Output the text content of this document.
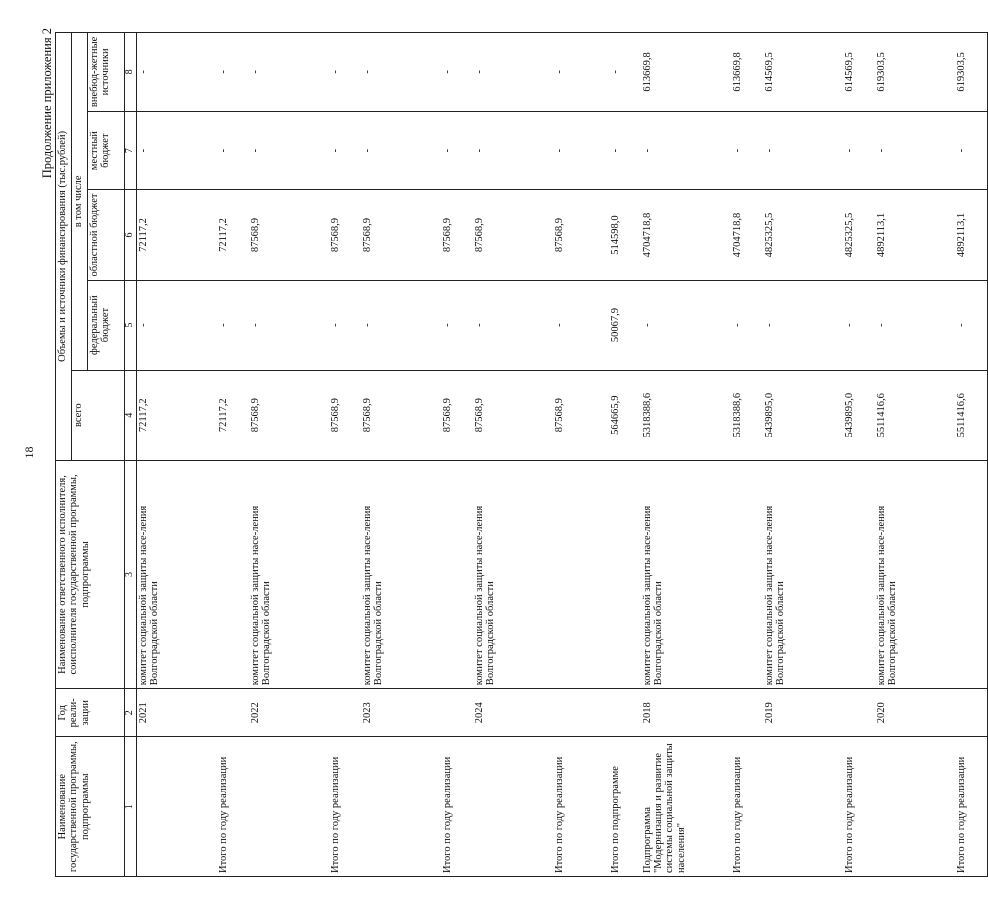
18
Продолжение приложения 2
Наименование государственной программы, подпрограммы	Год реали-зации	Наименование ответственного исполнителя, соисполнителя государственной программы, подпрограммы	Объемы и источники финансирования (тыс.рублей)				
			всего	в том числе			
				федеральный бюджет	областной бюджет	местный бюджет	внебюд-жетные источники
1	2	3	4	5	6	7	8
	2021	комитет социальной защиты насе-ления Волгоградской области	72117,2	-	72117,2	-	-

Итого по году реализации			72117,2	-	72117,2	-	-

	2022	комитет социальной защиты насе-ления Волгоградской области	87568,9	-	87568,9	-	-

Итого по году реализации			87568,9	-	87568,9	-	-

	2023	комитет социальной защиты насе-ления Волгоградской области	87568,9	-	87568,9	-	-

Итого по году реализации			87568,9	-	87568,9	-	-

	2024	комитет социальной защиты насе-ления Волгоградской области	87568,9	-	87568,9	-	-

Итого по году реализации			87568,9	-	87568,9	-	-

Итого по подпрограмме			564665,9	50067,9	514598,0	-	-

Подпрограмма "Модернизация и развитие системы социальной защиты населения"	2018	комитет социальной защиты насе-ления Волгоградской области	5318388,6	-	4704718,8	-	613669,8

Итого по году реализации			5318388,6	-	4704718,8	-	613669,8

	2019	комитет социальной защиты насе-ления Волгоградской области	5439895,0	-	4825325,5	-	614569,5

Итого по году реализации			5439895,0	-	4825325,5	-	614569,5

	2020	комитет социальной защиты насе-ления Волгоградской области	5511416,6	-	4892113,1	-	619303,5

Итого по году реализации			5511416,6	-	4892113,1	-	619303,5
